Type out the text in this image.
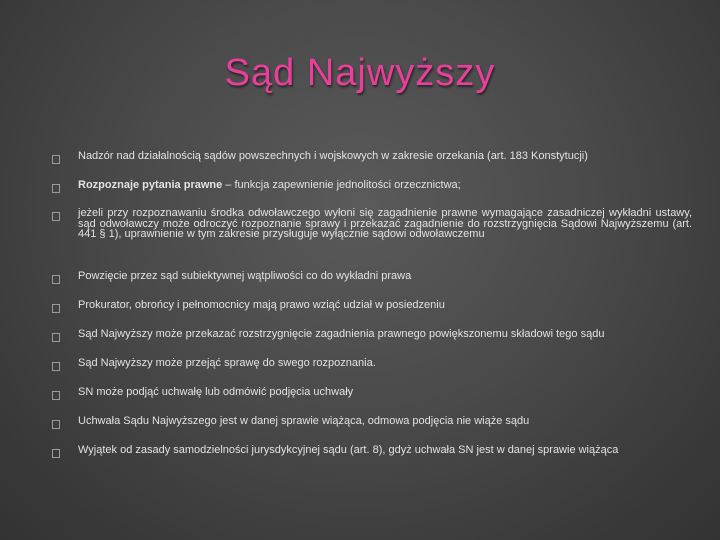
Sąd Najwyższy
Nadzór nad działalnością sądów powszechnych i wojskowych w zakresie orzekania (art. 183 Konstytucji)
Rozpoznaje pytania prawne – funkcja zapewnienie jednolitości orzecznictwa;
jeżeli przy rozpoznawaniu środka odwoławczego wyłoni się zagadnienie prawne wymagające zasadniczej wykładni ustawy, sąd odwoławczy może odroczyć rozpoznanie sprawy i przekazać zagadnienie do rozstrzygnięcia Sądowi Najwyższemu (art. 441 § 1), uprawnienie w tym zakresie przysługuje wyłącznie sądowi odwoławczemu
Powzięcie przez sąd subiektywnej wątpliwości co do wykładni prawa
Prokurator, obrońcy i pełnomocnicy mają prawo wziąć udział w posiedzeniu
Sąd Najwyższy może przekazać rozstrzygnięcie zagadnienia prawnego powiększonemu składowi tego sądu
Sąd Najwyższy może przejąć sprawę do swego rozpoznania.
SN może podjąć uchwałę lub odmówić podjęcia uchwały
Uchwała Sądu Najwyższego jest w danej sprawie wiążąca, odmowa podjęcia nie wiąże sądu
Wyjątek od zasady samodzielności jurysdykcyjnej sądu (art. 8), gdyż uchwała SN jest w danej sprawie wiążąca
